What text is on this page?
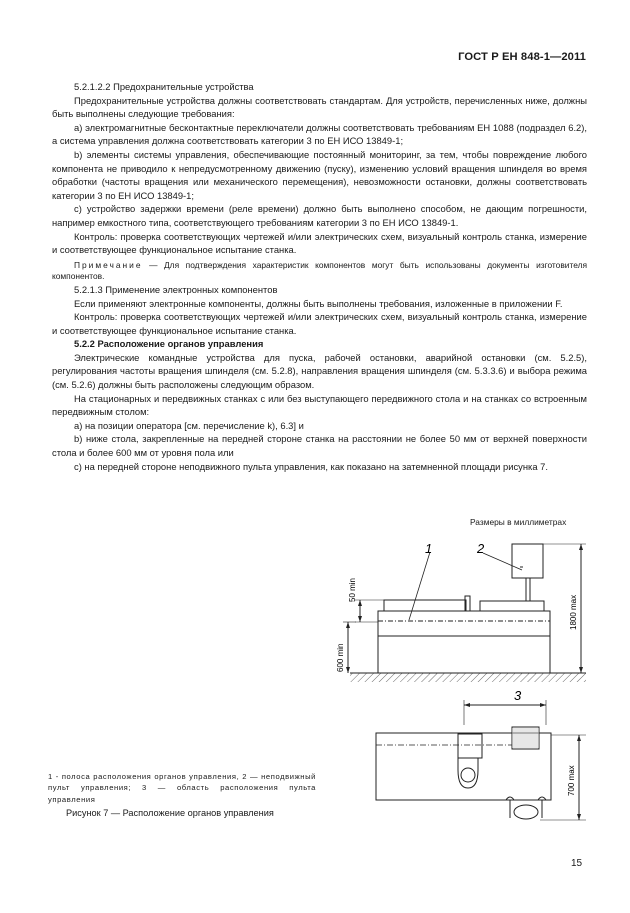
ГОСТ Р ЕН 848-1—2011

5.2.1.2.2 Предохранительные устройства

Предохранительные устройства должны соответствовать стандартам. Для устройств, перечисленных ниже, должны быть выполнены следующие требования:

а) электромагнитные бесконтактные переключатели должны соответствовать требованиям ЕН 1088 (подраздел 6.2), а система управления должна соответствовать категории 3 по ЕН ИСО 13849-1;

b) элементы системы управления, обеспечивающие постоянный мониторинг, за тем, чтобы повреждение любого компонента не приводило к непредусмотренному движению (пуску), изменению условий вращения шпинделя во время обработки (частоты вращения или механического перемещения), невозможности остановки, должны соответствовать категории 3 по ЕН ИСО 13849-1;

с) устройство задержки времени (реле времени) должно быть выполнено способом, не дающим погрешности, например емкостного типа, соответствующего требованиям категории 3 по ЕН ИСО 13849-1.

Контроль: проверка соответствующих чертежей и/или электрических схем, визуальный контроль станка, измерение и соответствующее функциональное испытание станка.

Примечание — Для подтверждения характеристик компонентов могут быть использованы документы изготовителя компонентов.

5.2.1.3 Применение электронных компонентов

Если применяют электронные компоненты, должны быть выполнены требования, изложенные в приложении F.

Контроль: проверка соответствующих чертежей и/или электрических схем, визуальный контроль станка, измерение и соответствующее функциональное испытание станка.

5.2.2 Расположение органов управления

Электрические командные устройства для пуска, рабочей остановки, аварийной остановки (см. 5.2.5), регулирования частоты вращения шпинделя (см. 5.2.8), направления вращения шпинделя (см. 5.3.3.6) и выбора режима (см. 5.2.6) должны быть расположены следующим образом.

На стационарных и передвижных станках с или без выступающего передвижного стола и на станках со встроенным передвижным столом:

а) на позиции оператора [см. перечисление k), 6.3] и

b) ниже стола, закрепленные на передней стороне станка на расстоянии не более 50 мм от верхней поверхности стола и более 600 мм от уровня пола или

с) на передней стороне неподвижного пульта управления, как показано на затемненной площади рисунка 7.

Размеры в миллиметрах
1	2
3
50 min
600 min
1800 max
700 max
1 - полоса расположения органов управления, 2 — неподвижный пульт управления; 3 — область расположения пульта управления
Рисунок 7 — Расположение органов управления
15
